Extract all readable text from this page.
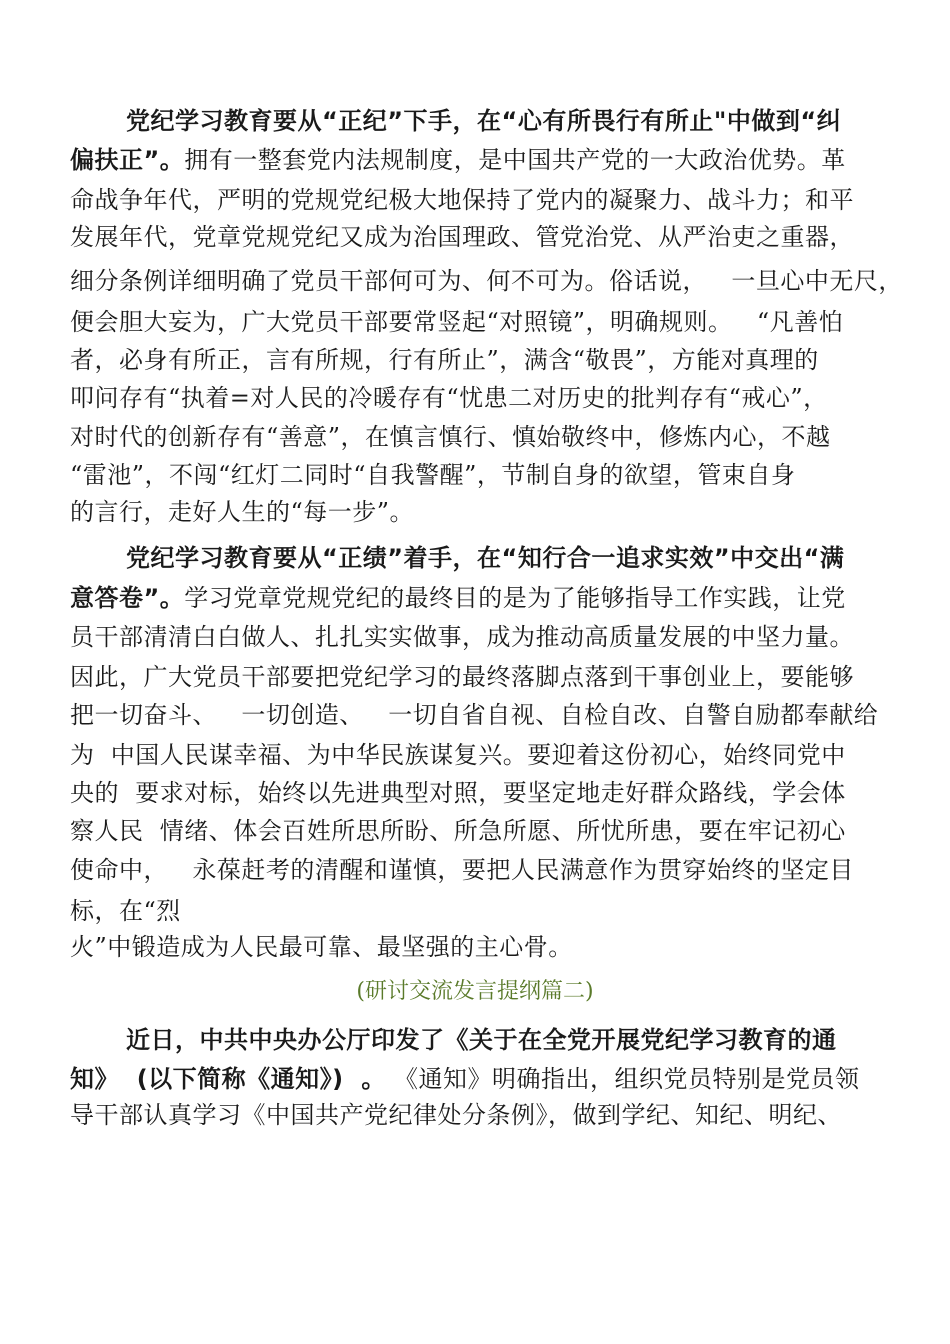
党纪学习教育要从“正纪”下手，在“心有所畏行有所止"中做到“纠
偏扶正”。拥有一整套党内法规制度，是中国共产党的一大政治优势。革
命战争年代，严明的党规党纪极大地保持了党内的凝聚力、战斗力；和平
发展年代，党章党规党纪又成为治国理政、管党治党、从严治吏之重器，
细分条例详细明确了党员干部何可为、何不可为。俗话说，   一旦心中无尺，
便会胆大妄为，广大党员干部要常竖起“对照镜”，明确规则。   “凡善怕
者，必身有所正，言有所规，行有所止”，满含“敬畏”，方能对真理的
叩问存有“执着=对人民的冷暖存有“忧患二对历史的批判存有“戒心”，
对时代的创新存有“善意”，在慎言慎行、慎始敬终中，修炼内心，不越
“雷池”，不闯“红灯二同时“自我警醒”，节制自身的欲望，管束自身
的言行，走好人生的“每一步”。
党纪学习教育要从“正绩”着手，在“知行合一追求实效”中交出“满
意答卷”。学习党章党规党纪的最终目的是为了能够指导工作实践，让党
员干部清清白白做人、扎扎实实做事，成为推动高质量发展的中坚力量。
因此，广大党员干部要把党纪学习的最终落脚点落到干事创业上，要能够
把一切奋斗、   一切创造、   一切自省自视、自检自改、自警自励都奉献给
为  中国人民谋幸福、为中华民族谋复兴。要迎着这份初心，始终同党中
央的  要求对标，始终以先进典型对照，要坚定地走好群众路线，学会体
察人民  情绪、体会百姓所思所盼、所急所愿、所忧所患，要在牢记初心
使命中，   永葆赶考的清醒和谨慎，要把人民满意作为贯穿始终的坚定目
标，在“烈
火”中锻造成为人民最可靠、最坚强的主心骨。
(研讨交流发言提纲篇二)
近日，中共中央办公厅印发了《关于在全党开展党纪学习教育的通
知》  (以下简称《通知》)  。 《通知》明确指出，组织党员特别是党员领
导干部认真学习《中国共产党纪律处分条例》，做到学纪、知纪、明纪、
